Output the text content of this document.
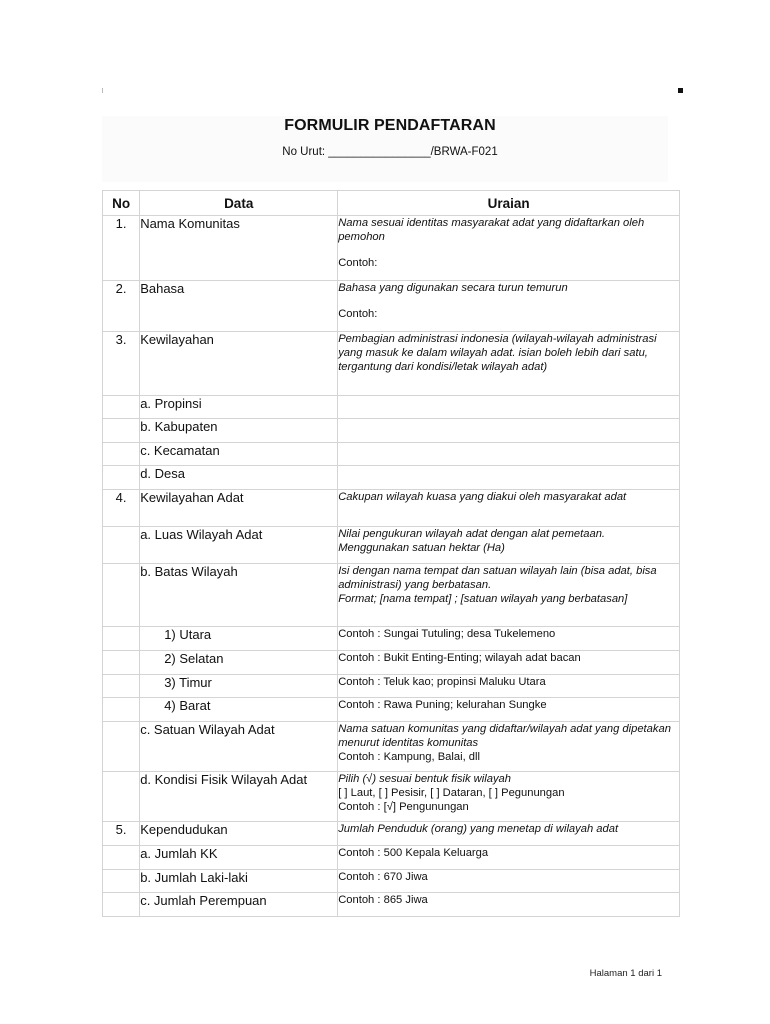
FORMULIR PENDAFTARAN
No Urut: ________________/BRWA-F021
No	Data	Uraian
1.	Nama Komunitas	Nama sesuai identitas masyarakat adat yang didaftarkan oleh pemohon
Contoh:

2.	Bahasa	Bahasa yang digunakan secara turun temurun
Contoh:

3.	Kewilayahan	Pembagian administrasi indonesia (wilayah-wilayah administrasi yang masuk ke dalam wilayah adat. isian boleh lebih dari satu, tergantung dari kondisi/letak wilayah adat)

	a. Propinsi	
	b. Kabupaten	
	c. Kecamatan	
	d. Desa	
4.	Kewilayahan Adat	Cakupan wilayah kuasa yang diakui oleh masyarakat adat

	a. Luas Wilayah Adat	Nilai pengukuran wilayah adat dengan alat pemetaan. Menggunakan satuan hektar (Ha)

	b. Batas Wilayah	Isi dengan nama tempat dan satuan wilayah lain (bisa adat, bisa administrasi) yang berbatasan.
Format; [nama tempat] ; [satuan wilayah yang berbatasan]

	1) Utara	Contoh : Sungai Tutuling; desa Tukelemeno
	2) Selatan	Contoh : Bukit Enting-Enting; wilayah adat bacan
	3) Timur	Contoh : Teluk kao; propinsi Maluku Utara
	4) Barat	Contoh : Rawa Puning; kelurahan Sungke
	c. Satuan Wilayah Adat	Nama satuan komunitas yang didaftar/wilayah adat yang dipetakan menurut identitas komunitas
Contoh : Kampung, Balai, dll

	d. Kondisi Fisik Wilayah Adat	Pilih (√) sesuai bentuk fisik wilayah
[ ] Laut, [ ] Pesisir, [ ] Dataran, [ ] Pegunungan
Contoh : [√] Pengunungan

5.	Kependudukan	Jumlah Penduduk (orang) yang menetap di wilayah adat

	a. Jumlah KK	Contoh : 500 Kepala Keluarga
	b. Jumlah Laki-laki	Contoh : 670 Jiwa
	c. Jumlah Perempuan	Contoh : 865 Jiwa
Halaman 1 dari 1
